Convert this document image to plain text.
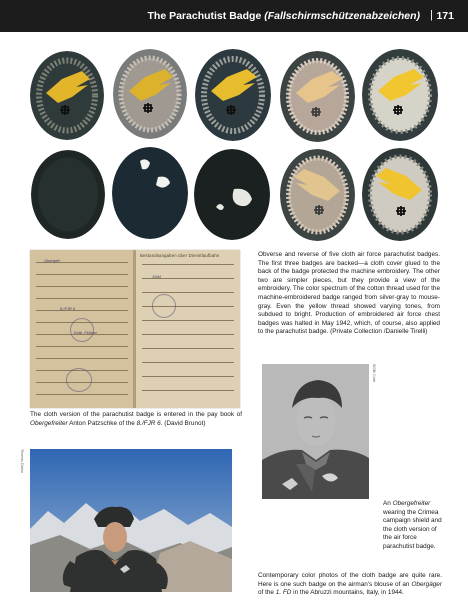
The Parachutist Badge (Fallschirmschützenabzeichen) | 171
Bestandsangaben über Dienstlaufbahn
Obergefr.
8./FJR 6
Kolb. Flührer
1944
Obverse and reverse of five cloth air force parachutist badges. The first three badges are backed—a cloth cover glued to the back of the badge protected the machine embroidery. The other two are simpler pieces, but they provide a view of the embroidery. The color spectrum of the cotton thread used for the machine-embroidered badge ranged from silver-gray to mouse-gray. Even the yellow thread showed varying tones, from subdued to bright. Production of embroidered air force chest badges was halted in May 1942, which, of course, also applied to the parachutist badge. (Private Collection /Danielle Tirelli)
The cloth version of the parachutist badge is entered in the pay book of Obergefreiter Anton Patzschke of the 8./FJR 6. (David Brunot)
WSB/ Colle
An Obergefreiter wearing the Crimea campaign shield and the cloth version of the air force parachutist badge.
Thomas Dietze
Contemporary color photos of the cloth badge are quite rare. Here is one such badge on the airman's blouse of an Obergäger of the 1. FD in the Abruzzi mountains, Italy, in 1944.
